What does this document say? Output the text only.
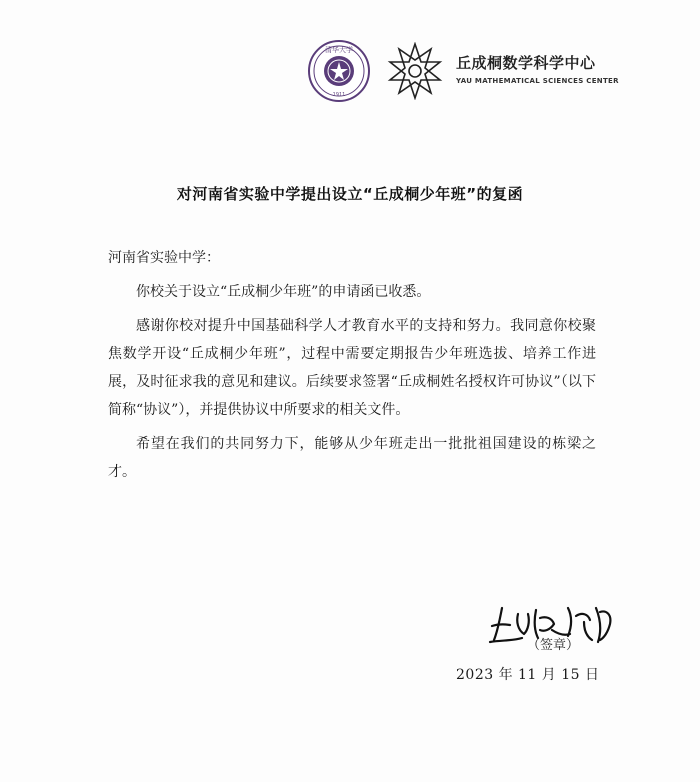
清华大学
1911
丘成桐数学科学中心
YAU MATHEMATICAL SCIENCES CENTER
对河南省实验中学提出设立“丘成桐少年班”的复函

河南省实验中学：

你校关于设立“丘成桐少年班”的申请函已收悉。

感谢你校对提升中国基础科学人才教育水平的支持和努力。我同意你校聚焦数学开设“丘成桐少年班”，过程中需要定期报告少年班选拔、培养工作进展，及时征求我的意见和建议。后续要求签署“丘成桐姓名授权许可协议”（以下简称“协议”），并提供协议中所要求的相关文件。

希望在我们的共同努力下，能够从少年班走出一批批祖国建设的栋梁之才。

（签章）
2023 年 11 月 15 日
